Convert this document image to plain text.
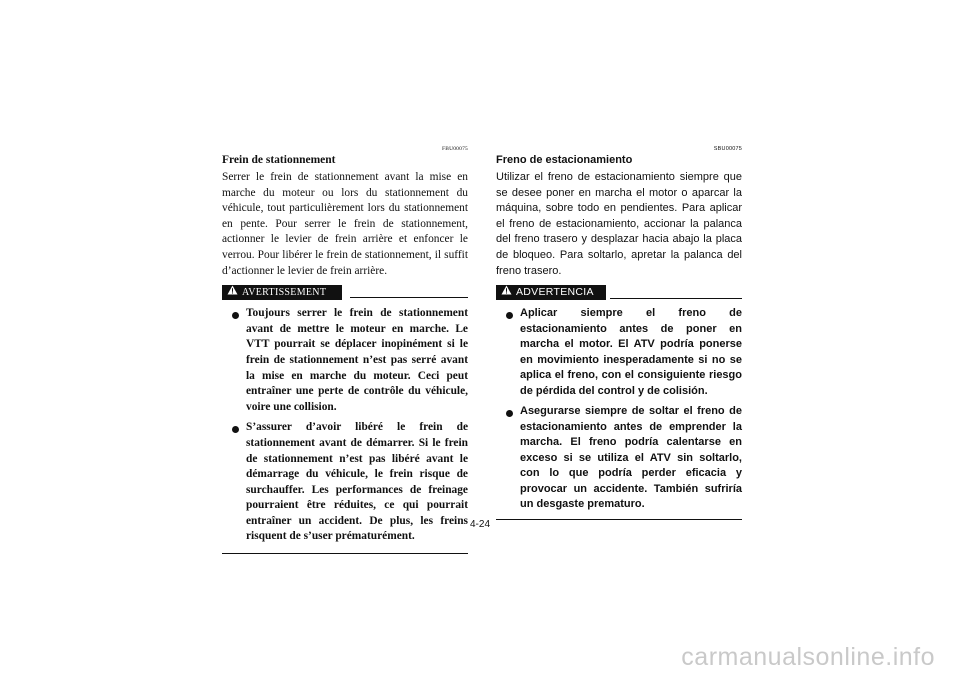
FBU00075
Frein de stationnement

Serrer le frein de stationnement avant la mise en marche du moteur ou lors du stationnement du véhicule, tout particulièrement lors du stationnement en pente. Pour serrer le frein de stationnement, actionner le levier de frein arrière et enfoncer le verrou. Pour libérer le frein de stationnement, il suffit d’actionner le levier de frein arrière.

AVERTISSEMENT
Toujours serrer le frein de stationnement avant de mettre le moteur en marche. Le VTT pourrait se déplacer inopinément si le frein de stationnement n’est pas serré avant la mise en marche du moteur. Ceci peut entraîner une perte de contrôle du véhicule, voire une collision.
S’assurer d’avoir libéré le frein de stationnement avant de démarrer. Si le frein de stationnement n’est pas libéré avant le démarrage du véhicule, le frein risque de surchauffer. Les performances de freinage pourraient être réduites, ce qui pourrait entraîner un accident. De plus, les freins risquent de s’user prématurément.
SBU00075
Freno de estacionamiento

Utilizar el freno de estacionamiento siempre que se desee poner en marcha el motor o aparcar la máquina, sobre todo en pendientes. Para aplicar el freno de estacionamiento, accionar la palanca del freno trasero y desplazar hacia abajo la placa de bloqueo. Para soltarlo, apretar la palanca del freno trasero.

ADVERTENCIA
Aplicar siempre el freno de estacionamiento antes de poner en marcha el motor. El ATV podría ponerse en movimiento inesperadamente si no se aplica el freno, con el consiguiente riesgo de pérdida del control y de colisión.
Asegurarse siempre de soltar el freno de estacionamiento antes de emprender la marcha. El freno podría calentarse en exceso si se utiliza el ATV sin soltarlo, con lo que podría perder eficacia y provocar un accidente. También sufriría un desgaste prematuro.
4-24
carmanualsonline.info
